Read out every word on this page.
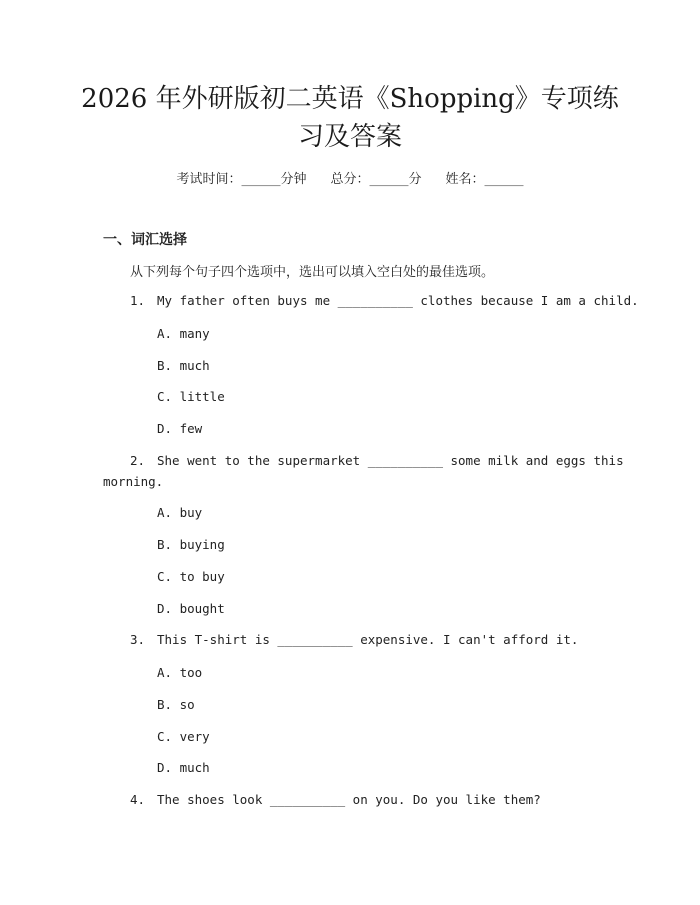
2026 年外研版初二英语《Shopping》专项练
习及答案
考试时间：______分钟 总分：______分 姓名：______
一、词汇选择
从下列每个句子四个选项中，选出可以填入空白处的最佳选项。
1. My father often buys me __________ clothes because I am a child.
A. many
B. much
C. little
D. few
2. She went to the supermarket __________ some milk and eggs this
morning.
A. buy
B. buying
C. to buy
D. bought
3. This T-shirt is __________ expensive. I can't afford it.
A. too
B. so
C. very
D. much
4. The shoes look __________ on you. Do you like them?
